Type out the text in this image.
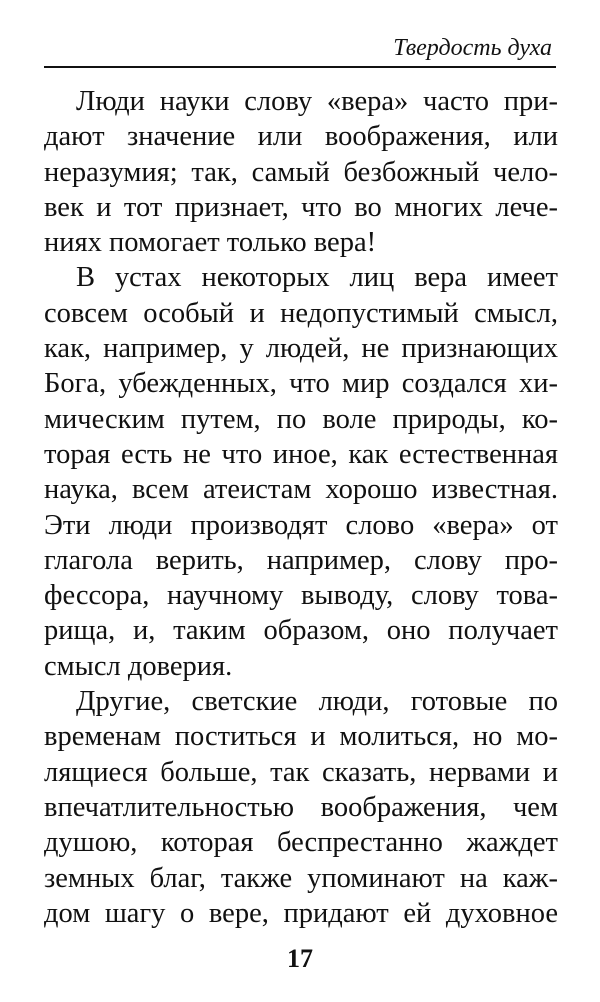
Твердость духа
Люди науки слову «вера» часто при-
дают значение или воображения, или
неразумия; так, самый безбожный чело-
век и тот признает, что во многих лече-
ниях помогает только вера!
В устах некоторых лиц вера имеет
совсем особый и недопустимый смысл,
как, например, у людей, не признающих
Бога, убежденных, что мир создался хи-
мическим путем, по воле природы, ко-
торая есть не что иное, как естественная
наука, всем атеистам хорошо известная.
Эти люди производят слово «вера» от
глагола верить, например, слову про-
фессора, научному выводу, слову това-
рища, и, таким образом, оно получает
смысл доверия.
Другие, светские люди, готовые по
временам поститься и молиться, но мо-
лящиеся больше, так сказать, нервами и
впечатлительностью воображения, чем
душою, которая беспрестанно жаждет
земных благ, также упоминают на каж-
дом шагу о вере, придают ей духовное
17
